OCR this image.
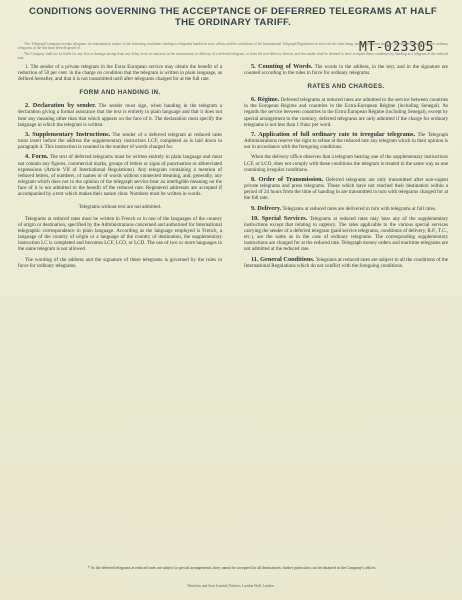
CONDITIONS GOVERNING THE ACCEPTANCE OF DEFERRED TELEGRAMS AT HALF
THE ORDINARY TARIFF.
MT-023305

This Telegraph Company accepts telegrams for transmission subject to the following conditions relating to telegrams handed in at its offices and the conditions of the International Telegraph Regulations in force for the time being, and the telegrams shall not be transmitted until after the ordinary telegrams of the day have been disposed of.

The Company shall not be liable for any loss or damage arising from any delay, error or omission in the transmission or delivery of a deferred telegram, or from the non-delivery thereof, and the sender shall be deemed to have accepted these conditions by handing in a telegram at the reduced rate.

1. The sender of a private telegram in the Extra European service may obtain the benefit of a reduction of 50 per cent. in the charge on condition that the telegram is written in plain language, as defined hereafter, and that it is not transmitted until after telegrams charged for at the full rate.

FORM AND HANDING IN.

2. Declaration by sender. The sender must sign, when handing in the telegram a declaration giving a formal assurance that the text is entirely in plain language and that it does not bear any meaning other than that which appears on the face of it. The declaration must specify the language in which the telegram is written.

3. Supplementary Instructions. The sender of a deferred telegram at reduced rates must insert before the address the supplementary instruction LCF, completed as is laid down in paragraph 4. This instruction is counted in the number of words charged for.

4. Form. The text of deferred telegrams must be written entirely in plain language and must not contain any figures, commercial marks, groups of letters or signs of punctuation or abbreviated expressions (Article VII of International Regulations). Any telegram containing a mention of reduced letters, of numbers, of names or of words without connected meaning, and, generally, any telegram which does not in the opinion of the telegraph service bear an intelligible meaning on the face of it is not admitted to the benefit of the reduced rate. Registered addresses are accepted if accompanied by a text which makes their nature clear. Numbers must be written in words.

Telegrams without text are not admitted.

Telegrams at reduced rates must be written in French or in one of the languages of the country of origin or destination, specified by the Administrations concerned and authorised for International telegraphic correspondence in plain language. According as the language employed is French, a language of the country of origin or a language of the country of destination, the supplementary instruction LC is completed and becomes LCF, LCO, or LCD. The use of two or more languages in the same telegram is not allowed.

The wording of the address and the signature of these telegrams is governed by the rules in force for ordinary telegrams.

5. Counting of Words. The words in the address, in the text, and in the signature are counted according to the rules in force for ordinary telegrams.

RATES AND CHARGES.

6. Régime. Deferred telegrams at reduced rates are admitted to the service between countries in the European Régime and countries in the Extra-European Régime (including Senegal). As regards the service between countries in the Extra European Régime (including Senegal), except by special arrangement to the contrary, deferred telegrams are only admitted if the charge for ordinary telegrams is not less than 1 franc per word.

7. Application of full ordinary rate to irregular telegrams. The Telegraph Administrations reserve the right to refuse at the reduced rate any telegram which in their opinion is not in accordance with the foregoing conditions.

When the delivery office observes that a telegram bearing one of the supplementary instructions LCF, or LCO, does not comply with these conditions the telegram is treated in the same way as one containing irregular conditions.

8. Order of Transmission. Deferred telegrams are only transmitted after non-urgent private telegrams and press telegrams. Those which have not reached their destination within a period of 24 hours from the time of handing in are transmitted in turn with telegrams charged for at the full rate.

9. Delivery. Telegrams at reduced rates are delivered in turn with telegrams at full rates.

10. Special Services. Telegrams at reduced rates may bear any of the supplementary instructions except that relating to urgency. The rates applicable to the various special services carrying the sender of a deferred telegram (paid service telegrams, conditions of delivery, R.P., T.C., etc.), are the same as in the case of ordinary telegrams. The corresponding supplementary instructions are charged for at the reduced rate. Telegraph money orders and maritime telegrams are not admitted at the reduced rate.

11. General Conditions. Telegrams at reduced rates are subject to all the conditions of the International Regulations which do not conflict with the foregoing conditions.

* As the deferred telegrams at reduced rates are subject to special arrangements, they cannot be accepted for all destinations; further particulars can be obtained at the Company's offices.
Waterlow and Sons Limited, Printers, London Wall, London.
